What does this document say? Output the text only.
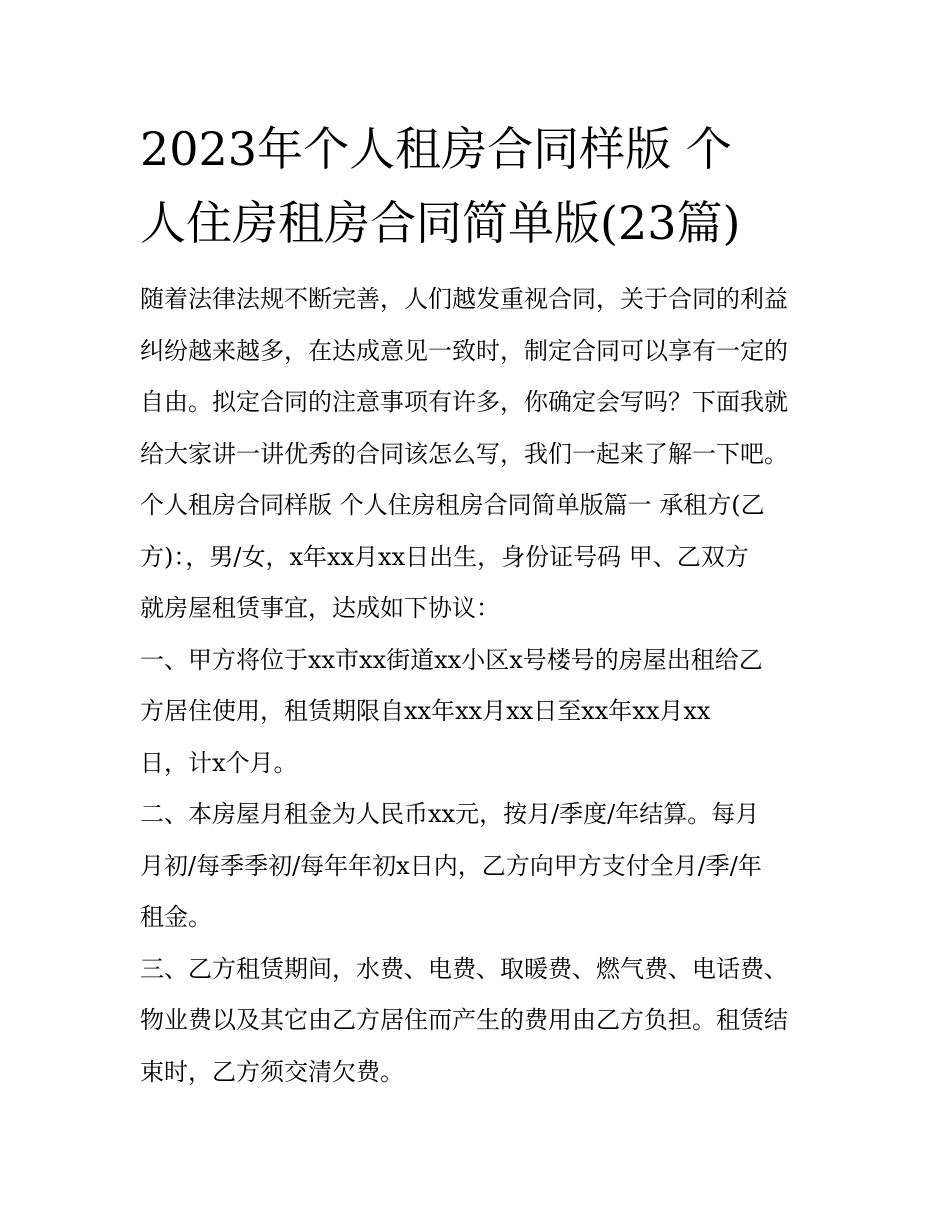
2023年个人租房合同样版 个
人住房租房合同简单版(23篇)
随着法律法规不断完善，人们越发重视合同，关于合同的利益
纠纷越来越多，在达成意见一致时，制定合同可以享有一定的
自由。拟定合同的注意事项有许多，你确定会写吗？下面我就
给大家讲一讲优秀的合同该怎么写，我们一起来了解一下吧。
个人租房合同样版 个人住房租房合同简单版篇一 承租方(乙
方)：，男/女，x年xx月xx日出生，身份证号码 甲、乙双方
就房屋租赁事宜，达成如下协议：
一、甲方将位于xx市xx街道xx小区x号楼号的房屋出租给乙
方居住使用，租赁期限自xx年xx月xx日至xx年xx月xx
日，计x个月。
二、本房屋月租金为人民币xx元，按月/季度/年结算。每月
月初/每季季初/每年年初x日内，乙方向甲方支付全月/季/年
租金。
三、乙方租赁期间，水费、电费、取暖费、燃气费、电话费、
物业费以及其它由乙方居住而产生的费用由乙方负担。租赁结
束时，乙方须交清欠费。
